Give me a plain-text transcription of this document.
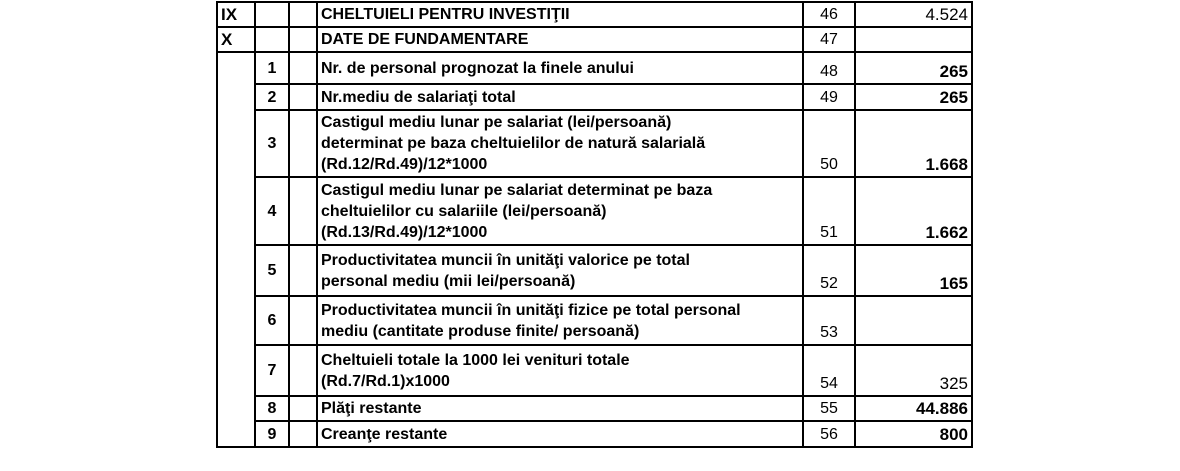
IX			CHELTUIELI PENTRU INVESTIŢII	46	4.524
X			DATE DE FUNDAMENTARE	47	
	1		Nr. de personal prognozat la finele anului	48	265
	2		Nr.mediu de salariaţi total	49	265
	3		Castigul mediu lunar pe salariat (lei/persoană)
determinat pe baza cheltuielilor de natură salarială
(Rd.12/Rd.49)/12*1000	50	1.668
	4		Castigul mediu lunar pe salariat determinat pe baza
cheltuielilor cu salariile (lei/persoană)
(Rd.13/Rd.49)/12*1000	51	1.662
	5		Productivitatea muncii în unităţi valorice pe total
personal mediu (mii lei/persoană)	52	165
	6		Productivitatea muncii în unităţi fizice pe total personal
mediu (cantitate produse finite/ persoană)	53	
	7		Cheltuieli totale la 1000 lei venituri totale
(Rd.7/Rd.1)x1000	54	325
	8		Plăţi restante	55	44.886
	9		Creanţe restante	56	800
